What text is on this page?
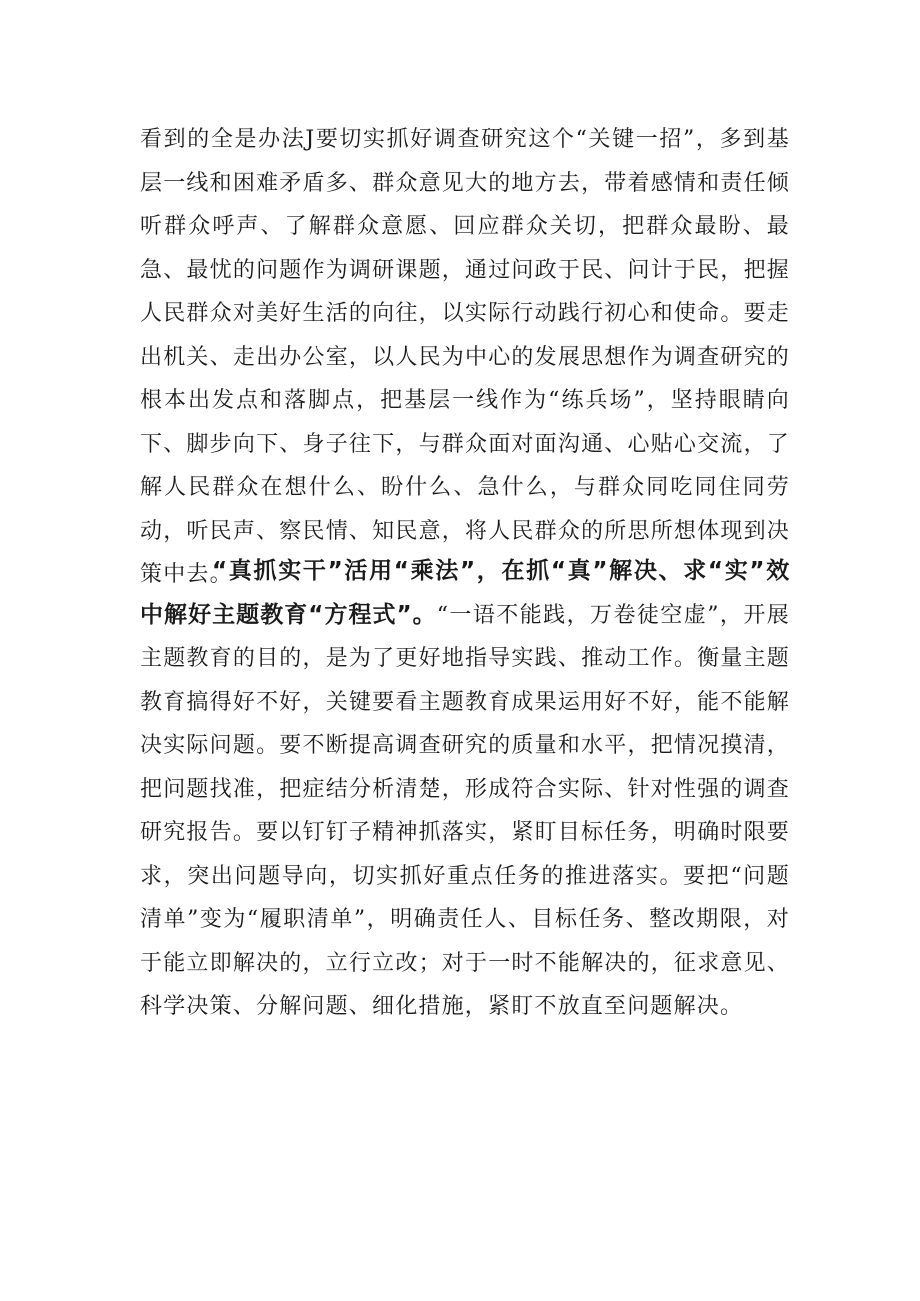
看到的全是办法J要切实抓好调查研究这个“关键一招”，多到基层一线和困难矛盾多、群众意见大的地方去，带着感情和责任倾听群众呼声、了解群众意愿、回应群众关切，把群众最盼、最急、最忧的问题作为调研课题，通过问政于民、问计于民，把握人民群众对美好生活的向往，以实际行动践行初心和使命。要走出机关、走出办公室，以人民为中心的发展思想作为调查研究的根本出发点和落脚点，把基层一线作为“练兵场”，坚持眼睛向下、脚步向下、身子往下，与群众面对面沟通、心贴心交流，了解人民群众在想什么、盼什么、急什么，与群众同吃同住同劳动，听民声、察民情、知民意，将人民群众的所思所想体现到决策中去。
“真抓实干”活用“乘法”，在抓“真”解决、求“实”效中解好主题教育“方程式”。“一语不能践，万卷徒空虚”，开展主题教育的目的，是为了更好地指导实践、推动工作。衡量主题教育搞得好不好，关键要看主题教育成果运用好不好，能不能解决实际问题。要不断提高调查研究的质量和水平，把情况摸清，把问题找准，把症结分析清楚，形成符合实际、针对性强的调查研究报告。要以钉钉子精神抓落实，紧盯目标任务，明确时限要求，突出问题导向，切实抓好重点任务的推进落实。要把“问题清单”变为“履职清单”，明确责任人、目标任务、整改期限，对于能立即解决的，立行立改；对于一时不能解决的，征求意见、科学决策、分解问题、细化措施，紧盯不放直至问题解决。
